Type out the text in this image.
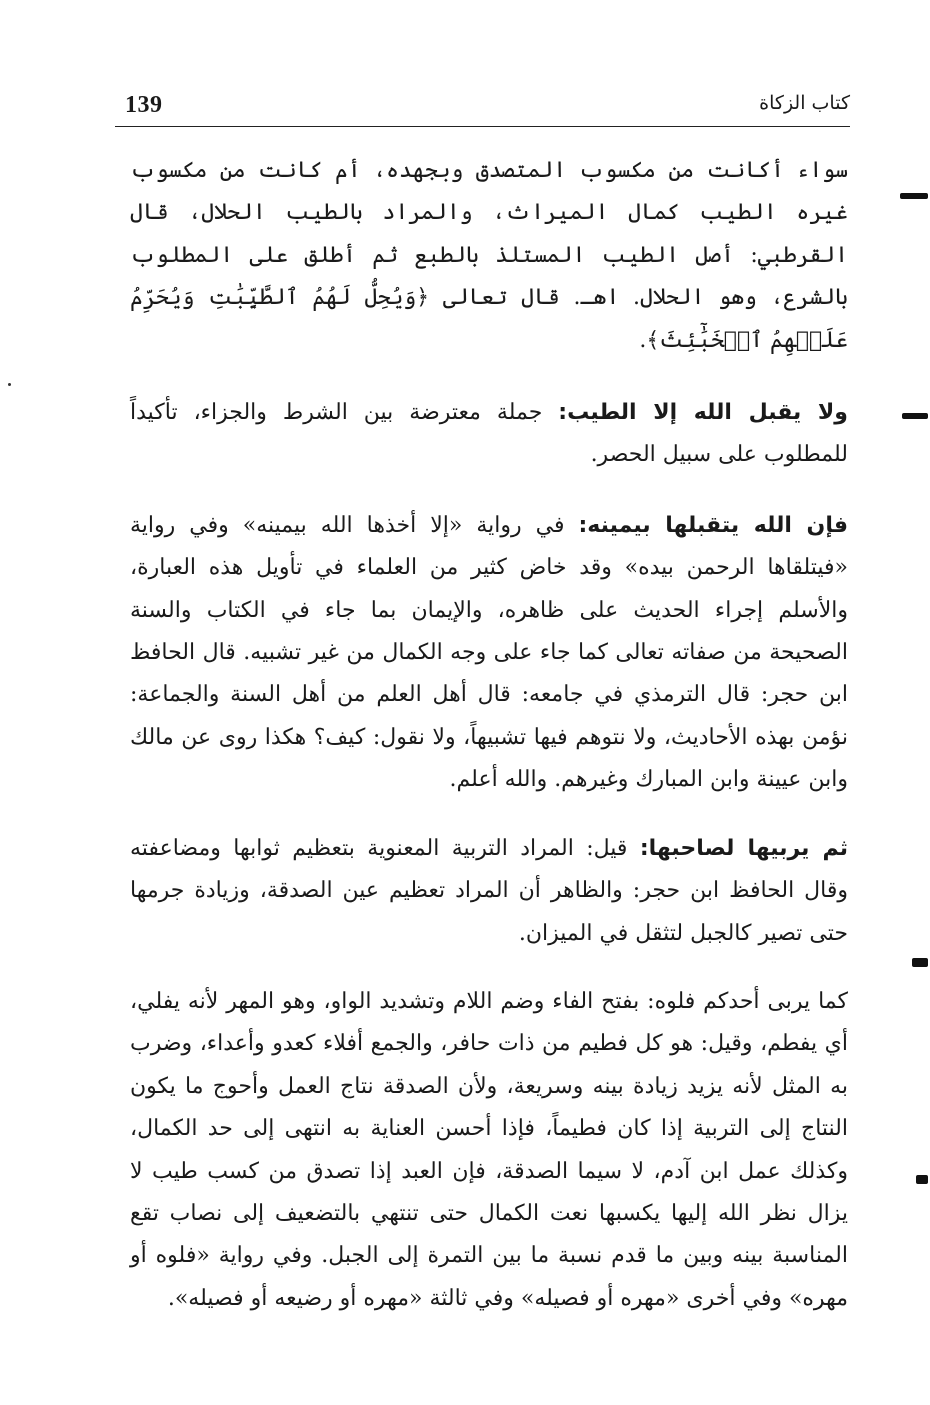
139	كتاب الزكاة

سواء أكانت من مكسوب المتصدق وبجهده، أم كانت من مكسوب غيره الطيب كمال الميراث، والمراد بالطيب الحلال، قال القرطبي: أصل الطيب المستلذ بالطبع ثم أطلق على المطلوب بالشرع، وهو الحلال. اهـ. قال تعالى ﴿وَيُحِلُّ لَهُمُ ٱلطَّيِّبَٰتِ وَيُحَرِّمُ عَلَيۡهِمُ ٱلۡخَبَٰٓئِثَ﴾.

ولا يقبل الله إلا الطيب: جملة معترضة بين الشرط والجزاء، تأكيداً للمطلوب على سبيل الحصر.

فإن الله يتقبلها بيمينه: في رواية «إلا أخذها الله بيمينه» وفي رواية «فيتلقاها الرحمن بيده» وقد خاض كثير من العلماء في تأويل هذه العبارة، والأسلم إجراء الحديث على ظاهره، والإيمان بما جاء في الكتاب والسنة الصحيحة من صفاته تعالى كما جاء على وجه الكمال من غير تشبيه. قال الحافظ ابن حجر: قال الترمذي في جامعه: قال أهل العلم من أهل السنة والجماعة: نؤمن بهذه الأحاديث، ولا نتوهم فيها تشبيهاً، ولا نقول: كيف؟ هكذا روى عن مالك وابن عيينة وابن المبارك وغيرهم. والله أعلم.

ثم يربيها لصاحبها: قيل: المراد التربية المعنوية بتعظيم ثوابها ومضاعفته وقال الحافظ ابن حجر: والظاهر أن المراد تعظيم عين الصدقة، وزيادة جرمها حتى تصير كالجبل لتثقل في الميزان.

كما يربى أحدكم فلوه: بفتح الفاء وضم اللام وتشديد الواو، وهو المهر لأنه يفلي، أي يفطم، وقيل: هو كل فطيم من ذات حافر، والجمع أفلاء كعدو وأعداء، وضرب به المثل لأنه يزيد زيادة بينه وسريعة، ولأن الصدقة نتاج العمل وأحوج ما يكون النتاج إلى التربية إذا كان فطيماً، فإذا أحسن العناية به انتهى إلى حد الكمال، وكذلك عمل ابن آدم، لا سيما الصدقة، فإن العبد إذا تصدق من كسب طيب لا يزال نظر الله إليها يكسبها نعت الكمال حتى تنتهي بالتضعيف إلى نصاب تقع المناسبة بينه وبين ما قدم نسبة ما بين التمرة إلى الجبل. وفي رواية «فلوه أو مهره» وفي أخرى «مهره أو فصيله» وفي ثالثة «مهره أو رضيعه أو فصيله».
